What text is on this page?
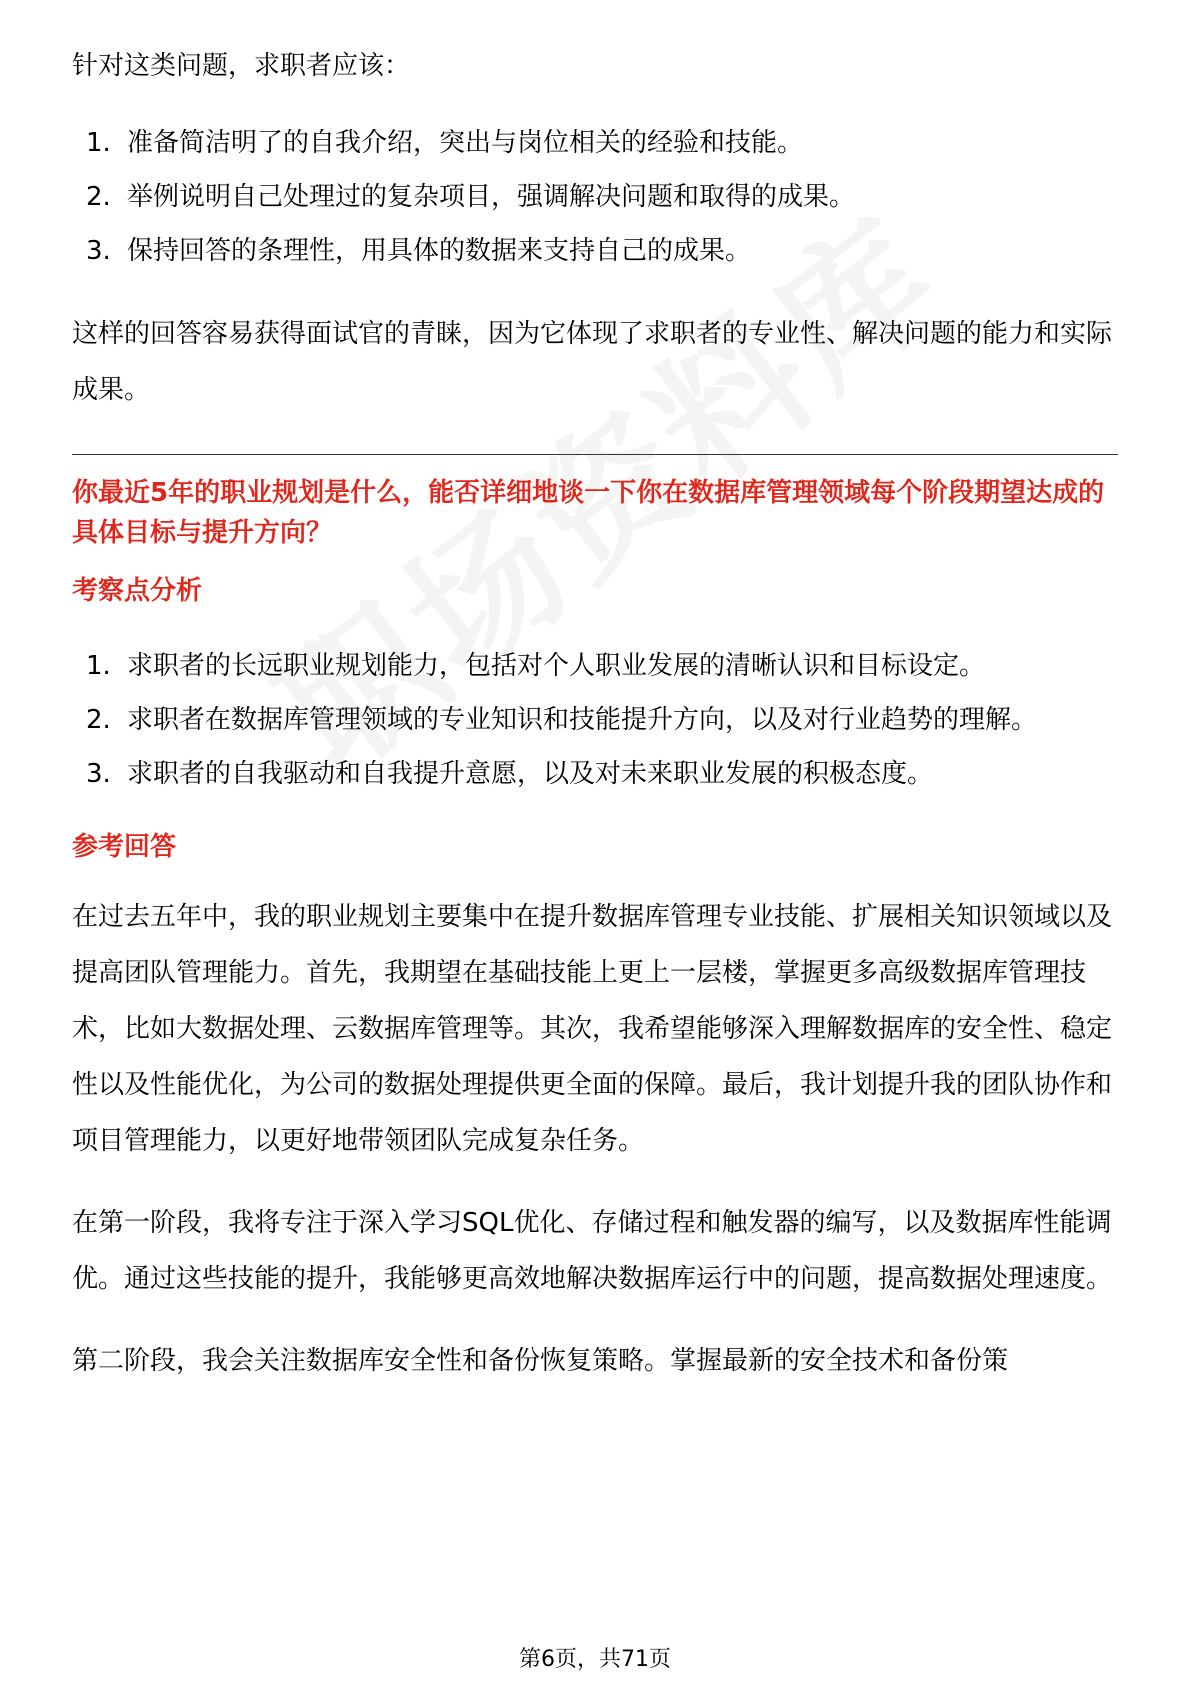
针对这类问题，求职者应该：

1. 准备简洁明了的自我介绍，突出与岗位相关的经验和技能。
2. 举例说明自己处理过的复杂项目，强调解决问题和取得的成果。
3. 保持回答的条理性，用具体的数据来支持自己的成果。

这样的回答容易获得面试官的青睐，因为它体现了求职者的专业性、解决问题的能力和实际成果。

你最近5年的职业规划是什么，能否详细地谈一下你在数据库管理领域每个阶段期望达成的具体目标与提升方向？

考察点分析

1. 求职者的长远职业规划能力，包括对个人职业发展的清晰认识和目标设定。
2. 求职者在数据库管理领域的专业知识和技能提升方向，以及对行业趋势的理解。
3. 求职者的自我驱动和自我提升意愿，以及对未来职业发展的积极态度。

参考回答

在过去五年中，我的职业规划主要集中在提升数据库管理专业技能、扩展相关知识领域以及提高团队管理能力。首先，我期望在基础技能上更上一层楼，掌握更多高级数据库管理技术，比如大数据处理、云数据库管理等。其次，我希望能够深入理解数据库的安全性、稳定性以及性能优化，为公司的数据处理提供更全面的保障。最后，我计划提升我的团队协作和项目管理能力，以更好地带领团队完成复杂任务。

在第一阶段，我将专注于深入学习SQL优化、存储过程和触发器的编写，以及数据库性能调优。通过这些技能的提升，我能够更高效地解决数据库运行中的问题，提高数据处理速度。

第二阶段，我会关注数据库安全性和备份恢复策略。掌握最新的安全技术和备份策

第6页，共71页
